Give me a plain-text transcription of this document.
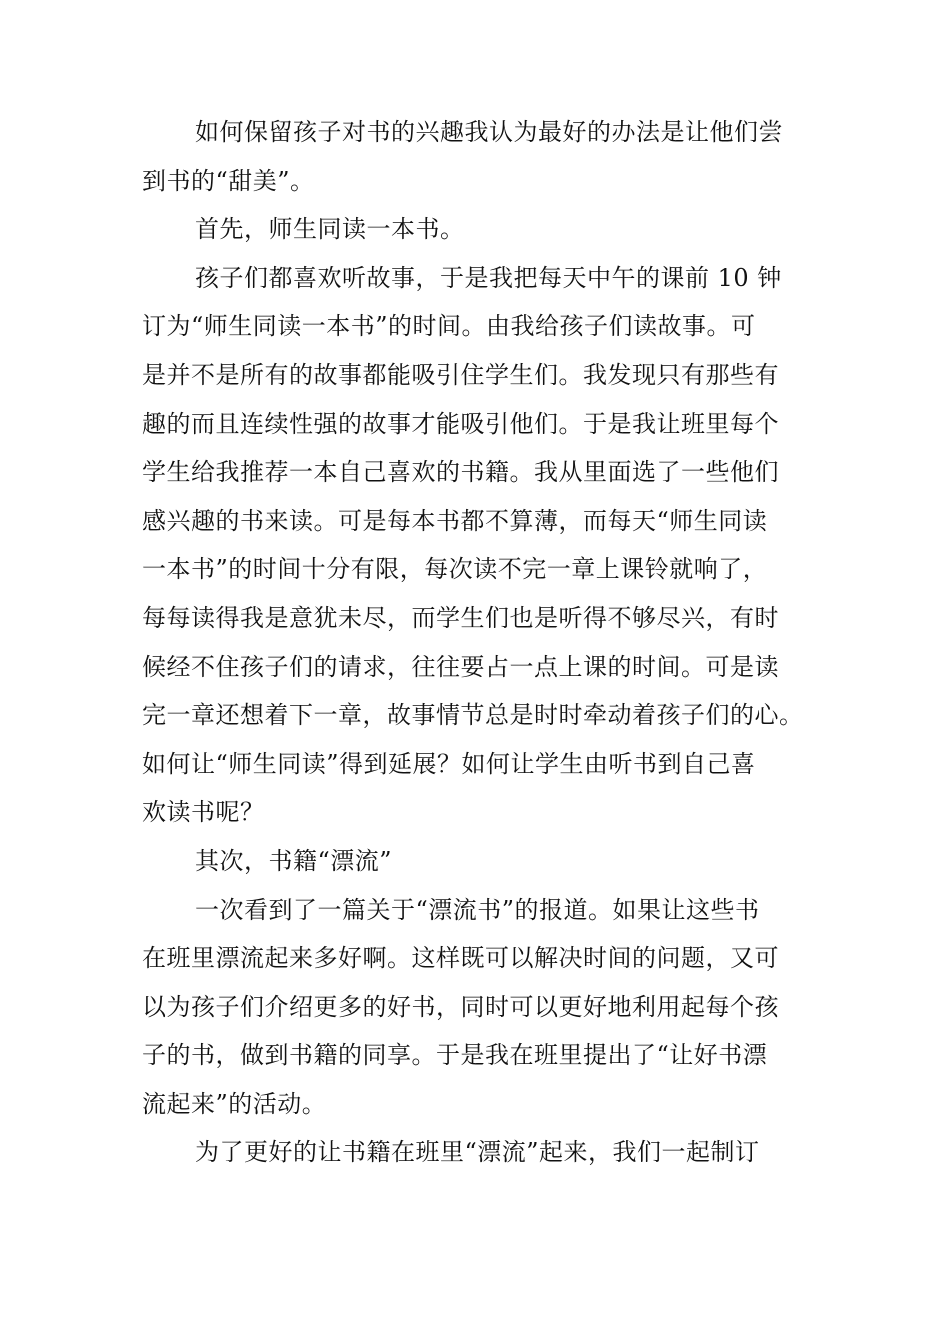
如何保留孩子对书的兴趣我认为最好的办法是让他们尝
到书的“甜美”。
首先，师生同读一本书。
孩子们都喜欢听故事，于是我把每天中午的课前 10 钟
订为“师生同读一本书”的时间。由我给孩子们读故事。可
是并不是所有的故事都能吸引住学生们。我发现只有那些有
趣的而且连续性强的故事才能吸引他们。于是我让班里每个
学生给我推荐一本自己喜欢的书籍。我从里面选了一些他们
感兴趣的书来读。可是每本书都不算薄，而每天“师生同读
一本书”的时间十分有限，每次读不完一章上课铃就响了，
每每读得我是意犹未尽，而学生们也是听得不够尽兴，有时
候经不住孩子们的请求，往往要占一点上课的时间。可是读
完一章还想着下一章，故事情节总是时时牵动着孩子们的心。
如何让“师生同读”得到延展？如何让学生由听书到自己喜
欢读书呢？
其次，书籍“漂流”
一次看到了一篇关于“漂流书”的报道。如果让这些书
在班里漂流起来多好啊。这样既可以解决时间的问题，又可
以为孩子们介绍更多的好书，同时可以更好地利用起每个孩
子的书，做到书籍的同享。于是我在班里提出了“让好书漂
流起来”的活动。
为了更好的让书籍在班里“漂流”起来，我们一起制订
